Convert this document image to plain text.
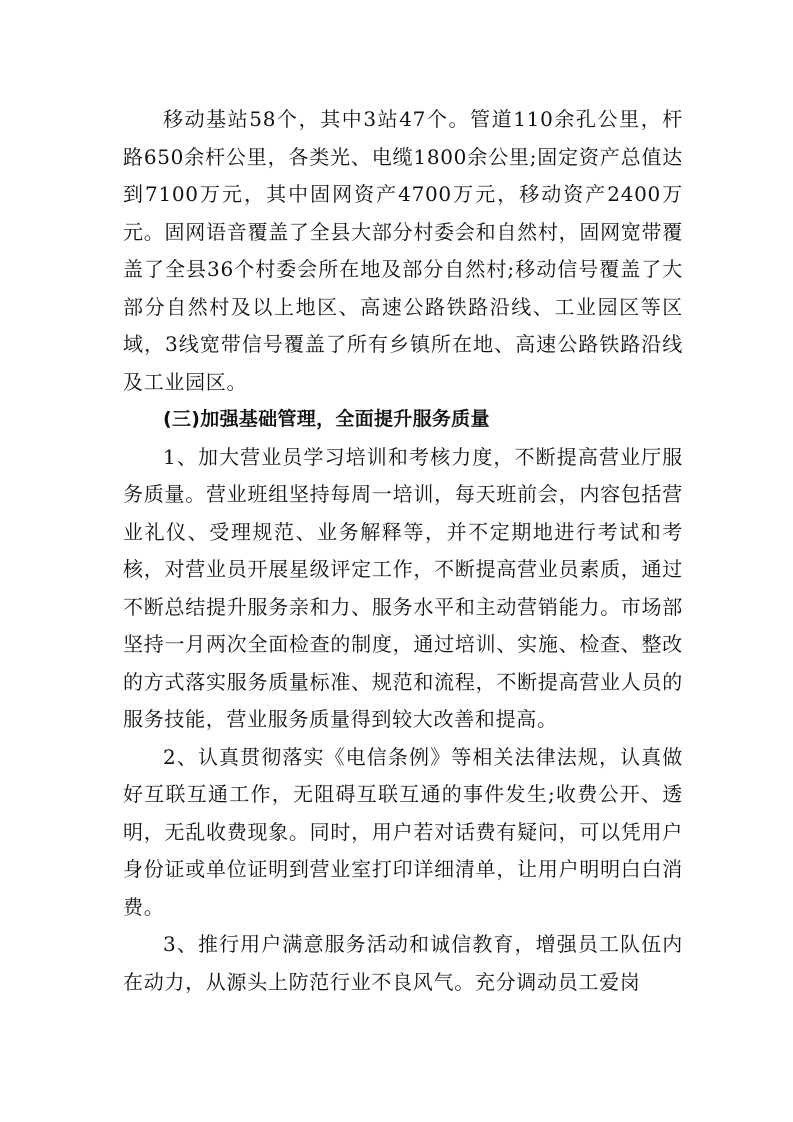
移动基站58个，其中3站47个。管道110余孔公里，杆路650余杆公里，各类光、电缆1800余公里;固定资产总值达到7100万元，其中固网资产4700万元，移动资产2400万元。固网语音覆盖了全县大部分村委会和自然村，固网宽带覆盖了全县36个村委会所在地及部分自然村;移动信号覆盖了大部分自然村及以上地区、高速公路铁路沿线、工业园区等区域，3线宽带信号覆盖了所有乡镇所在地、高速公路铁路沿线及工业园区。

(三)加强基础管理，全面提升服务质量

1、加大营业员学习培训和考核力度，不断提高营业厅服务质量。营业班组坚持每周一培训，每天班前会，内容包括营业礼仪、受理规范、业务解释等，并不定期地进行考试和考核，对营业员开展星级评定工作，不断提高营业员素质，通过不断总结提升服务亲和力、服务水平和主动营销能力。市场部坚持一月两次全面检查的制度，通过培训、实施、检查、整改的方式落实服务质量标准、规范和流程，不断提高营业人员的服务技能，营业服务质量得到较大改善和提高。

2、认真贯彻落实《电信条例》等相关法律法规，认真做好互联互通工作，无阻碍互联互通的事件发生;收费公开、透明，无乱收费现象。同时，用户若对话费有疑问，可以凭用户身份证或单位证明到营业室打印详细清单，让用户明明白白消费。

3、推行用户满意服务活动和诚信教育，增强员工队伍内在动力，从源头上防范行业不良风气。充分调动员工爱岗
